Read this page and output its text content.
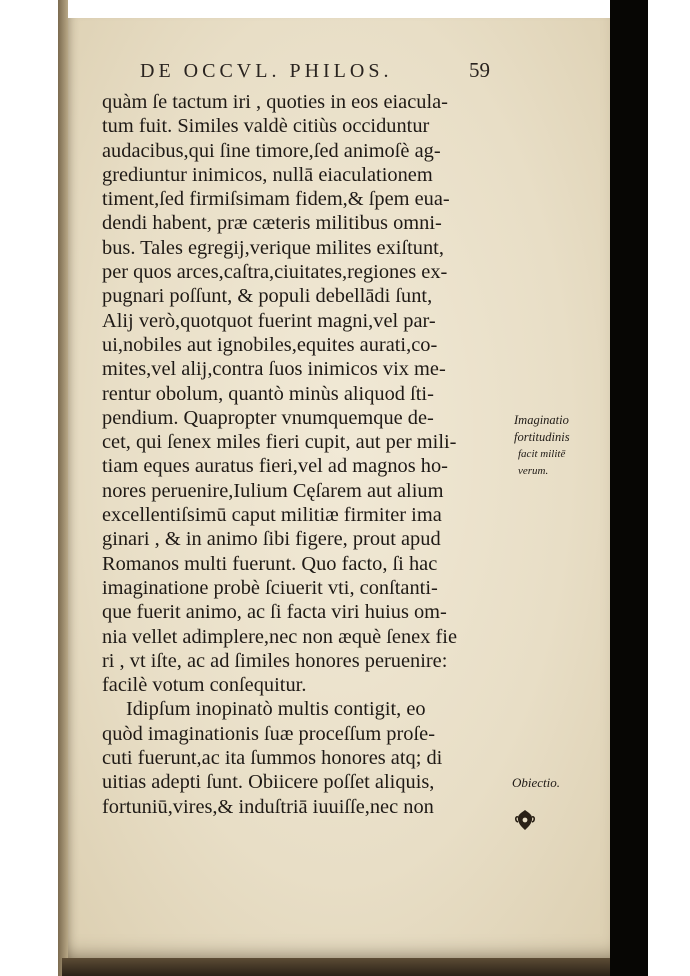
DE OCCVL. PHILOS.	59
quàm ſe tactum iri , quoties in eos eiacula-
tum fuit. Similes valdè citiùs occiduntur
audacibus,qui ſine timore,ſed animoſè ag-
grediuntur inimicos, nullā eiaculationem
timent,ſed firmiſsimam fidem,& ſpem eua-
dendi habent, præ cæteris militibus omni-
bus. Tales egregij,verique milites exiſtunt,
per quos arces,caſtra,ciuitates,regiones ex-
pugnari poſſunt, & populi debellādi ſunt,
Alij verò,quotquot fuerint magni,vel par-
ui,nobiles aut ignobiles,equites aurati,co-
mites,vel alij,contra ſuos inimicos vix me-
rentur obolum, quantò minùs aliquod ſti-
pendium. Quapropter vnumquemque de-
cet, qui ſenex miles fieri cupit, aut per mili-
tiam eques auratus fieri,vel ad magnos ho-
nores peruenire,Iulium Cęſarem aut alium
excellentiſsimū caput militiæ firmiter ima
ginari , & in animo ſibi figere, prout apud
Romanos multi fuerunt. Quo facto, ſi hac
imaginatione probè ſciuerit vti, conſtanti-
que fuerit animo, ac ſi facta viri huius om-
nia vellet adimplere,nec non æquè ſenex fie
ri , vt iſte, ac ad ſimiles honores peruenire:
facilè votum conſequitur.
Idipſum inopinatò multis contigit, eo
quòd imaginationis ſuæ proceſſum proſe-
cuti fuerunt,ac ita ſummos honores atq; di
uitias adepti ſunt. Obiicere poſſet aliquis,
fortuniū,vires,& induſtriā iuuiſſe,nec non
Imaginatio
fortitudinis
facit militē
verum.
Obiectio.
